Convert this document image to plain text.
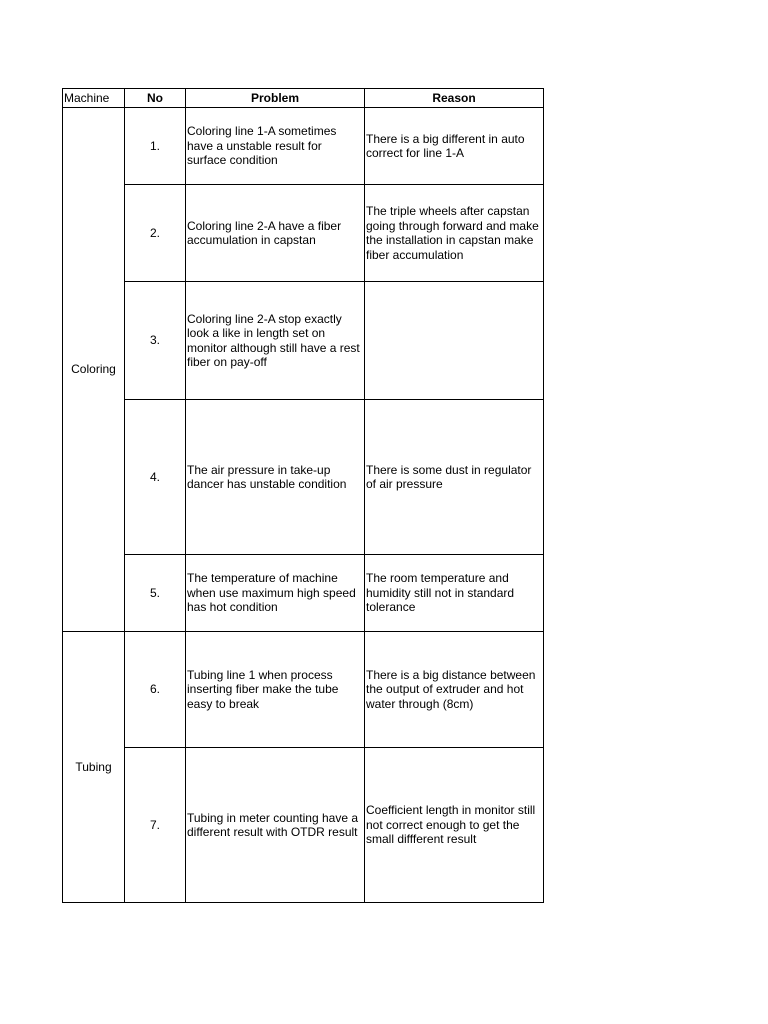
Machine	No	Problem	Reason
Coloring	1.	Coloring line 1-A sometimes have a unstable result for surface condition	There is a big different in auto correct for line 1-A
	2.	Coloring line 2-A have a fiber accumulation in capstan	The triple wheels after capstan going through forward and make the installation in capstan make fiber accumulation
	3.	Coloring line 2-A stop exactly look a like in length set on monitor although still have a rest fiber on pay-off	
	4.	The air pressure in take-up dancer has unstable condition	There is some dust in regulator of air pressure
	5.	The temperature of machine when use maximum high speed has hot condition	The room temperature and humidity still not in standard tolerance
Tubing	6.	Tubing line 1 when process inserting fiber make the tube easy to break	There is a big distance between the output of extruder and hot water through (8cm)
	7.	Tubing in meter counting have a different result with OTDR result	Coefficient length in monitor still not correct enough to get the small diffferent result
